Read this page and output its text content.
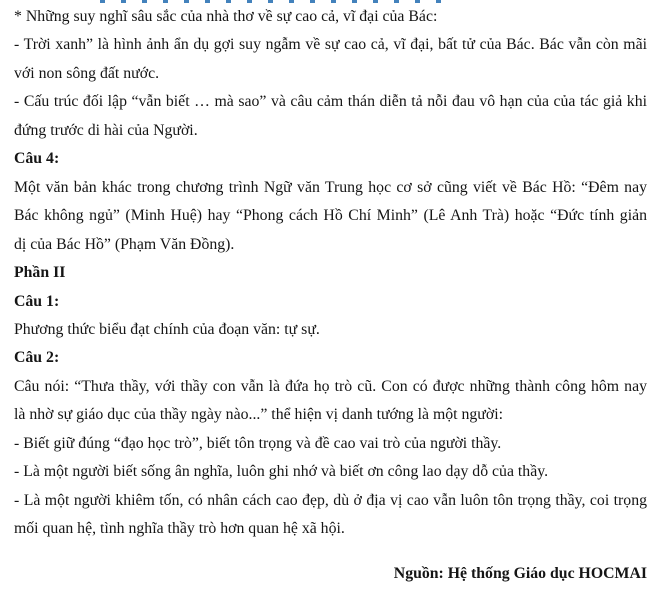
* Những suy nghĩ sâu sắc của nhà thơ về sự cao cả, vĩ đại của Bác:

- Trời xanh” là hình ảnh ẩn dụ gợi suy ngẫm về sự cao cả, vĩ đại, bất tử của Bác. Bác vẫn còn mãi
với non sông đất nước.

- Cấu trúc đối lập “vẫn biết … mà sao” và câu cảm thán diễn tả nỗi đau vô hạn của của tác giả khi
đứng trước di hài của Người.

Câu 4:

Một văn bản khác trong chương trình Ngữ văn Trung học cơ sở cũng viết về Bác Hồ: “Đêm nay
Bác không ngủ” (Minh Huệ) hay “Phong cách Hồ Chí Minh” (Lê Anh Trà) hoặc “Đức tính giản
dị của Bác Hồ” (Phạm Văn Đồng).

Phần II

Câu 1:

Phương thức biểu đạt chính của đoạn văn: tự sự.

Câu 2:

Câu nói: “Thưa thầy, với thầy con vẫn là đứa họ trò cũ. Con có được những thành công hôm nay
là nhờ sự giáo dục của thầy ngày nào...” thể hiện vị danh tướng là một người:

- Biết giữ đúng “đạo học trò”, biết tôn trọng và đề cao vai trò của người thầy.

- Là một người biết sống ân nghĩa, luôn ghi nhớ và biết ơn công lao dạy dỗ của thầy.

- Là một người khiêm tốn, có nhân cách cao đẹp, dù ở địa vị cao vẫn luôn tôn trọng thầy, coi trọng
mối quan hệ, tình nghĩa thầy trò hơn quan hệ xã hội.

Nguồn: Hệ thống Giáo dục HOCMAI
